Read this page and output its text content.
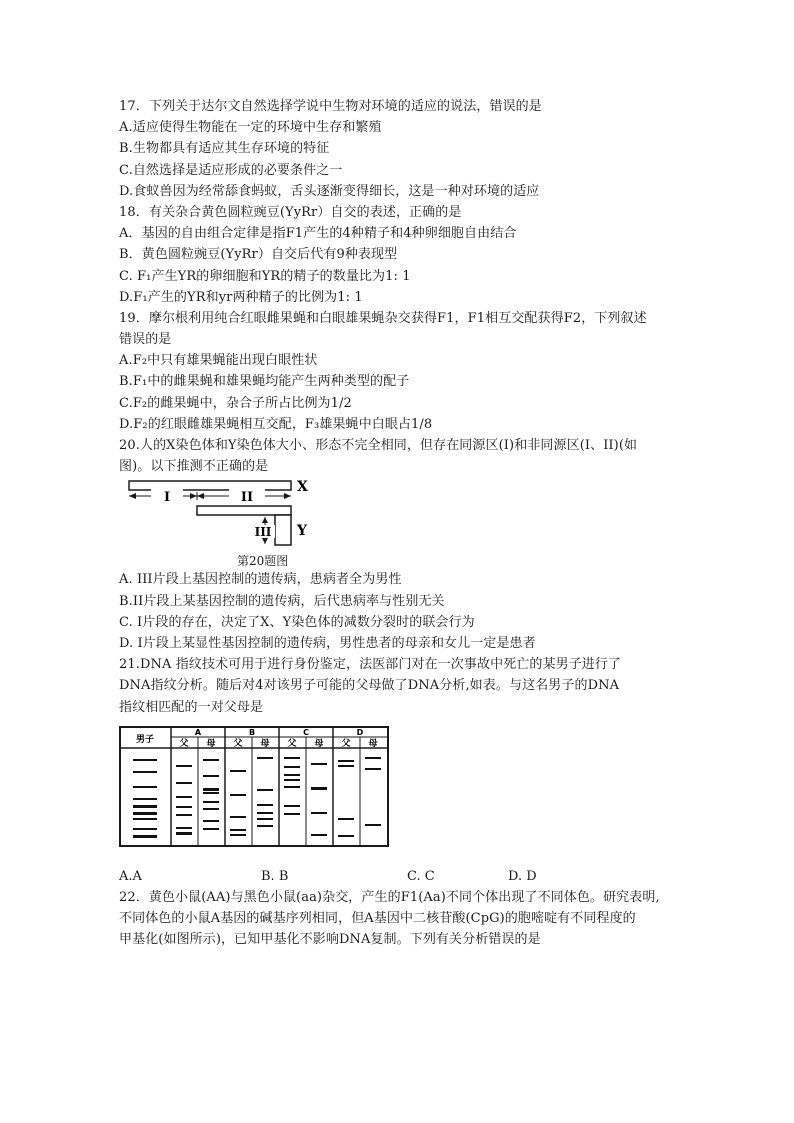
17．下列关于达尔文自然选择学说中生物对环境的适应的说法，错误的是
A.适应使得生物能在一定的环境中生存和繁殖
B.生物都具有适应其生存环境的特征
C.自然选择是适应形成的必要条件之一
D.食蚁兽因为经常舔食蚂蚁，舌头逐渐变得细长，这是一种对环境的适应
18．有关杂合黄色圆粒豌豆(YyRr）自交的表述，正确的是
A．基因的自由组合定律是指F1产生的4种精子和4种卵细胞自由结合
B．黄色圆粒豌豆(YyRr）自交后代有9种表现型
C. F₁产生YR的卵细胞和YR的精子的数量比为1: 1
D.F₁产生的YR和yr两种精子的比例为1: 1
19．摩尔根利用纯合红眼雌果蝇和白眼雄果蝇杂交获得F1，F1相互交配获得F2，下列叙述
错误的是
A.F₂中只有雄果蝇能出现白眼性状
B.F₁中的雌果蝇和雄果蝇均能产生两种类型的配子
C.F₂的雌果蝇中，杂合子所占比例为1/2
D.F₂的红眼雌雄果蝇相互交配，F₃雄果蝇中白眼占1/8
20.人的X染色体和Y染色体大小、形态不完全相同，但存在同源区(I)和非同源区(I、II)(如
图)。以下推测不正确的是
I	II
X
III Y
第20题图
A. III片段上基因控制的遗传病，患病者全为男性
B.II片段上某基因控制的遗传病，后代患病率与性别无关
C. I片段的存在，决定了X、Y染色体的减数分裂时的联会行为
D. I片段上某显性基因控制的遗传病，男性患者的母亲和女儿一定是患者
21.DNA 指纹技术可用于进行身份鉴定，法医部门对在一次事故中死亡的某男子进行了
DNA指纹分析。随后对4对该男子可能的父母做了DNA分析,如表。与这名男子的DNA
指纹相匹配的一对父母是
男子
A	B	C	D
父 母 父 母 父 母 父 母
A.A	B. B	C. C	D. D
22．黄色小鼠(AA)与黑色小鼠(aa)杂交，产生的F1(Aa)不同个体出现了不同体色。研究表明,
不同体色的小鼠A基因的碱基序列相同，但A基因中二核苷酸(CpG)的胞嘧啶有不同程度的
甲基化(如图所示)，已知甲基化不影响DNA复制。下列有关分析错误的是
